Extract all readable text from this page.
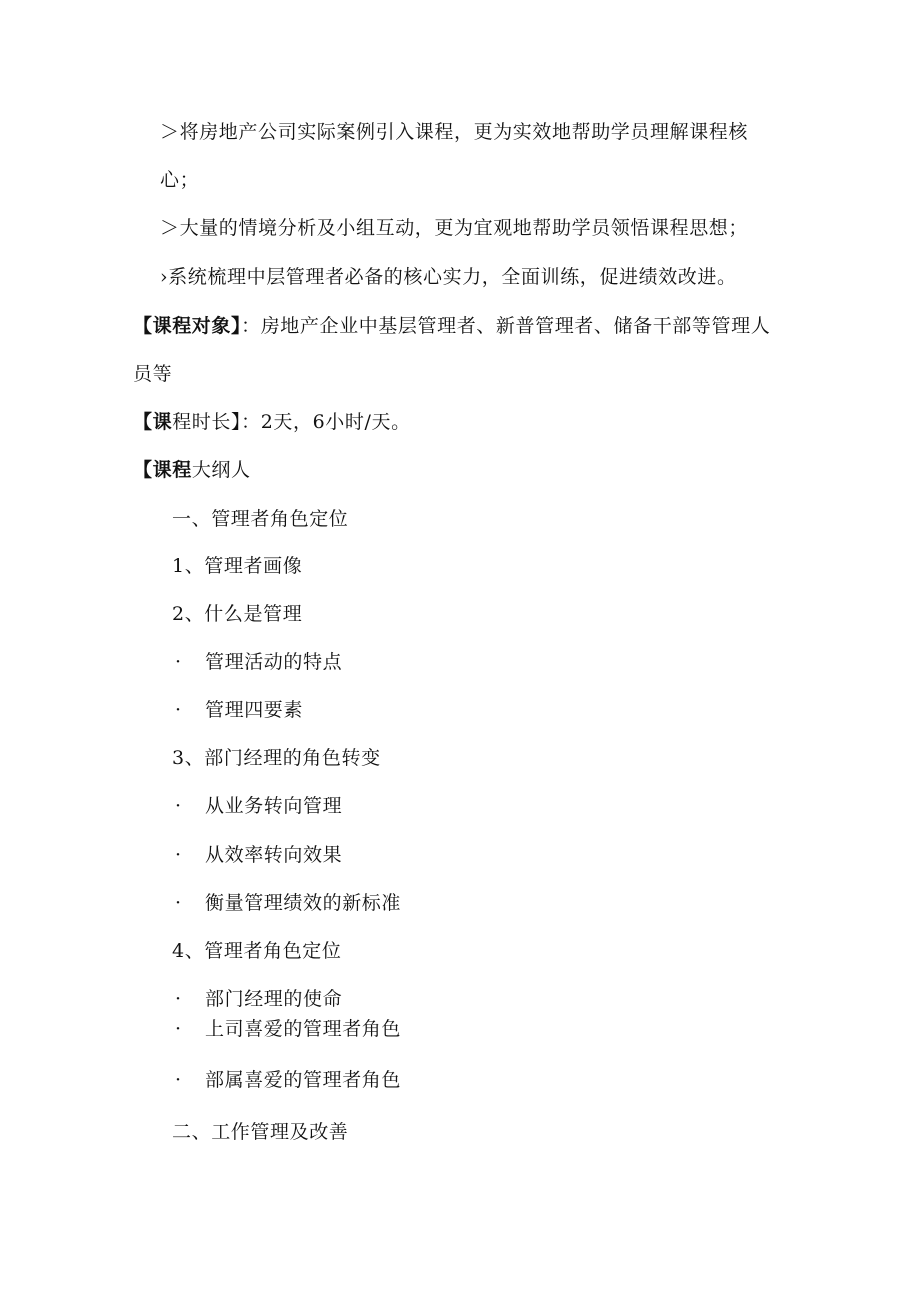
＞将房地产公司实际案例引入课程，更为实效地帮助学员理解课程核
心；
＞大量的情境分析及小组互动，更为宜观地帮助学员领悟课程思想；
›系统梳理中层管理者必备的核心实力，全面训练，促进绩效改进。
【课程对象】：房地产企业中基层管理者、新普管理者、储备干部等管理人
员等
【课程时长】：2天，6小时/天。
【课程大纲人
一、管理者角色定位
1、管理者画像
2、什么是管理
· 管理活动的特点
· 管理四要素
3、部门经理的角色转变
· 从业务转向管理
· 从效率转向效果
· 衡量管理绩效的新标准
4、管理者角色定位
· 部门经理的使命
· 上司喜爱的管理者角色
· 部属喜爱的管理者角色
二、工作管理及改善
